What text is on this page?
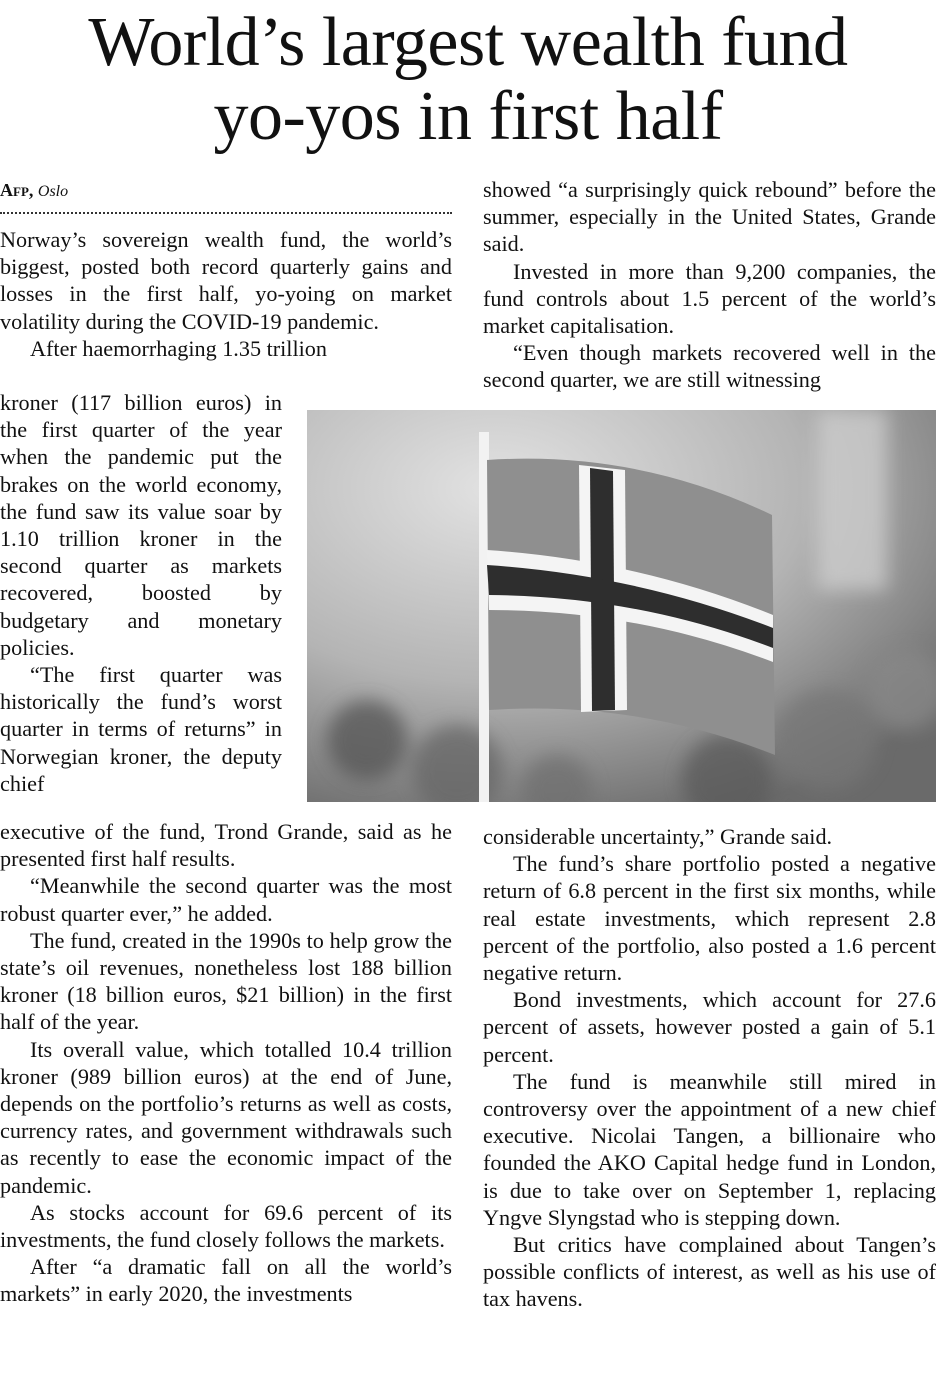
World’s largest wealth fund
yo-yos in first half
Afp, Oslo

Norway’s sovereign wealth fund, the world’s biggest, posted both record quarterly gains and losses in the first half, yo-yoing on market volatility during the COVID-19 pandemic.

After haemorrhaging 1.35 trillion

kroner (117 billion euros) in the first quarter of the year when the pandemic put the brakes on the world economy, the fund saw its value soar by 1.10 trillion kroner in the second quarter as markets recovered, boosted by budgetary and monetary policies.

“The first quarter was historically the fund’s worst quarter in terms of returns” in Norwegian kroner, the deputy chief

executive of the fund, Trond Grande, said as he presented first half results.

“Meanwhile the second quarter was the most robust quarter ever,” he added.

The fund, created in the 1990s to help grow the state’s oil revenues, nonetheless lost 188 billion kroner (18 billion euros, $21 billion) in the first half of the year.

Its overall value, which totalled 10.4 trillion kroner (989 billion euros) at the end of June, depends on the portfolio’s returns as well as costs, currency rates, and government withdrawals such as recently to ease the economic impact of the pandemic.

As stocks account for 69.6 percent of its investments, the fund closely follows the markets.

After “a dramatic fall on all the world’s markets” in early 2020, the investments

showed “a surprisingly quick rebound” before the summer, especially in the United States, Grande said.

Invested in more than 9,200 companies, the fund controls about 1.5 percent of the world’s market capitalisation.

“Even though markets recovered well in the second quarter, we are still witnessing

considerable uncertainty,” Grande said.

The fund’s share portfolio posted a negative return of 6.8 percent in the first six months, while real estate investments, which represent 2.8 percent of the portfolio, also posted a 1.6 percent negative return.

Bond investments, which account for 27.6 percent of assets, however posted a gain of 5.1 percent.

The fund is meanwhile still mired in controversy over the appointment of a new chief executive. Nicolai Tangen, a billionaire who founded the AKO Capital hedge fund in London, is due to take over on September 1, replacing Yngve Slyngstad who is stepping down.

But critics have complained about Tangen’s possible conflicts of interest, as well as his use of tax havens.
